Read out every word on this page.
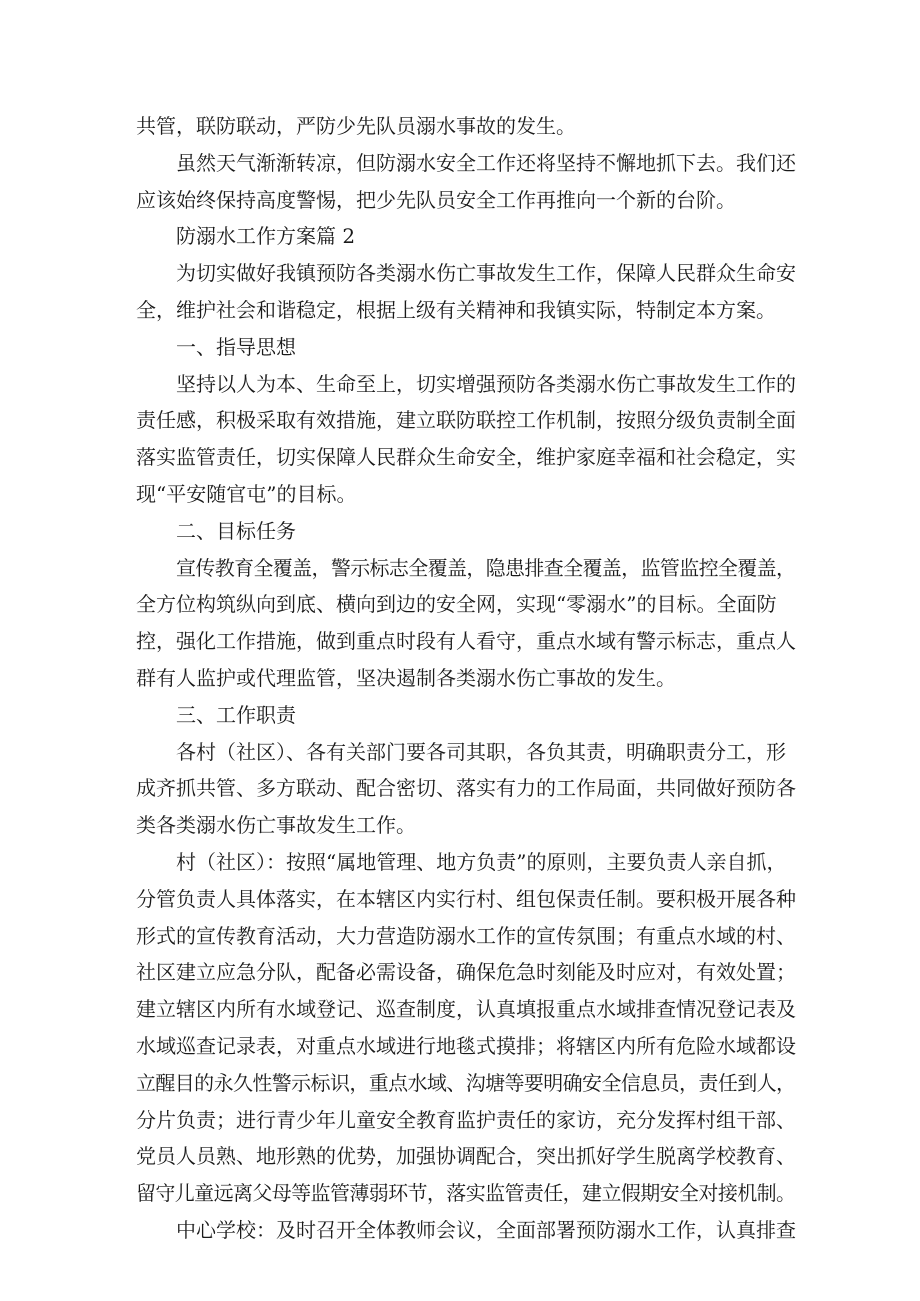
共管，联防联动，严防少先队员溺水事故的发生。
虽然天气渐渐转凉，但防溺水安全工作还将坚持不懈地抓下去。我们还
应该始终保持高度警惕，把少先队员安全工作再推向一个新的台阶。
防溺水工作方案篇 2
为切实做好我镇预防各类溺水伤亡事故发生工作，保障人民群众生命安
全，维护社会和谐稳定，根据上级有关精神和我镇实际，特制定本方案。
一、指导思想
坚持以人为本、生命至上，切实增强预防各类溺水伤亡事故发生工作的
责任感，积极采取有效措施，建立联防联控工作机制，按照分级负责制全面
落实监管责任，切实保障人民群众生命安全，维护家庭幸福和社会稳定，实
现“平安随官屯”的目标。
二、目标任务
宣传教育全覆盖，警示标志全覆盖，隐患排查全覆盖，监管监控全覆盖，
全方位构筑纵向到底、横向到边的安全网，实现“零溺水”的目标。全面防
控，强化工作措施，做到重点时段有人看守，重点水域有警示标志，重点人
群有人监护或代理监管，坚决遏制各类溺水伤亡事故的发生。
三、工作职责
各村（社区）、各有关部门要各司其职，各负其责，明确职责分工，形
成齐抓共管、多方联动、配合密切、落实有力的工作局面，共同做好预防各
类各类溺水伤亡事故发生工作。
村（社区）：按照“属地管理、地方负责”的原则，主要负责人亲自抓，
分管负责人具体落实，在本辖区内实行村、组包保责任制。要积极开展各种
形式的宣传教育活动，大力营造防溺水工作的宣传氛围；有重点水域的村、
社区建立应急分队，配备必需设备，确保危急时刻能及时应对，有效处置；
建立辖区内所有水域登记、巡查制度，认真填报重点水域排查情况登记表及
水域巡查记录表，对重点水域进行地毯式摸排；将辖区内所有危险水域都设
立醒目的永久性警示标识，重点水域、沟塘等要明确安全信息员，责任到人，
分片负责；进行青少年儿童安全教育监护责任的家访，充分发挥村组干部、
党员人员熟、地形熟的优势，加强协调配合，突出抓好学生脱离学校教育、
留守儿童远离父母等监管薄弱环节，落实监管责任，建立假期安全对接机制。
中心学校：及时召开全体教师会议，全面部署预防溺水工作，认真排查
